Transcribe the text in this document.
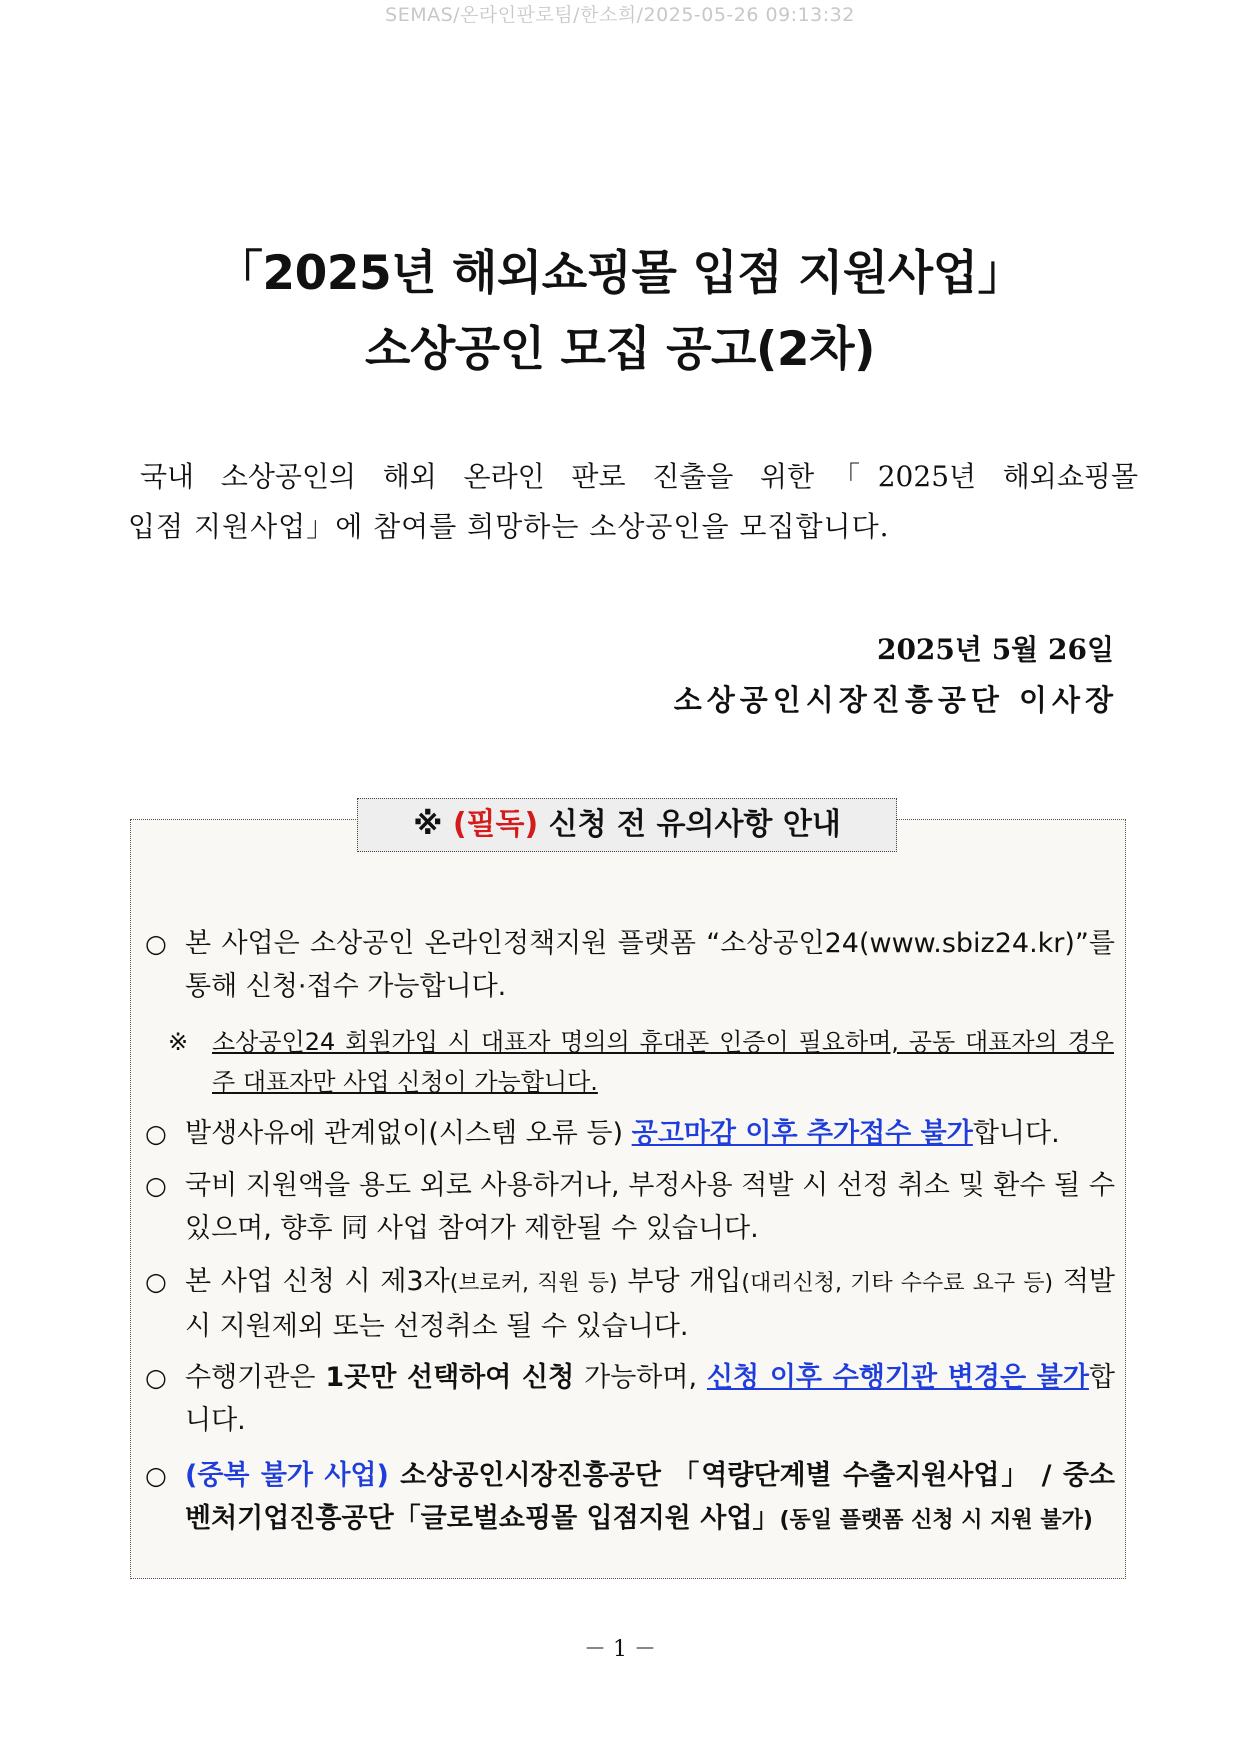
SEMAS/온라인판로팀/한소희/2025-05-26 09:13:32
「2025년 해외쇼핑몰 입점 지원사업」
소상공인 모집 공고(2차)
국내 소상공인의 해외 온라인 판로 진출을 위한「2025년 해외쇼핑몰
입점 지원사업」에 참여를 희망하는 소상공인을 모집합니다.
2025년 5월 26일
소상공인시장진흥공단 이사장
※ (필독) 신청 전 유의사항 안내
○ 본 사업은 소상공인 온라인정책지원 플랫폼 “소상공인24(www.sbiz24.kr)”를 통해 신청·접수 가능합니다.
※ 소상공인24 회원가입 시 대표자 명의의 휴대폰 인증이 필요하며, 공동 대표자의 경우 주 대표자만 사업 신청이 가능합니다.
○ 발생사유에 관계없이(시스템 오류 등) 공고마감 이후 추가접수 불가합니다.
○ 국비 지원액을 용도 외로 사용하거나, 부정사용 적발 시 선정 취소 및 환수 될 수 있으며, 향후 同 사업 참여가 제한될 수 있습니다.
○ 본 사업 신청 시 제3자(브로커, 직원 등) 부당 개입(대리신청, 기타 수수료 요구 등) 적발 시 지원제외 또는 선정취소 될 수 있습니다.
○ 수행기관은 1곳만 선택하여 신청 가능하며, 신청 이후 수행기관 변경은 불가합니다.
○ (중복 불가 사업) 소상공인시장진흥공단 「역량단계별 수출지원사업」 / 중소벤처기업진흥공단「글로벌쇼핑몰 입점지원 사업」(동일 플랫폼 신청 시 지원 불가)
－ 1 －
